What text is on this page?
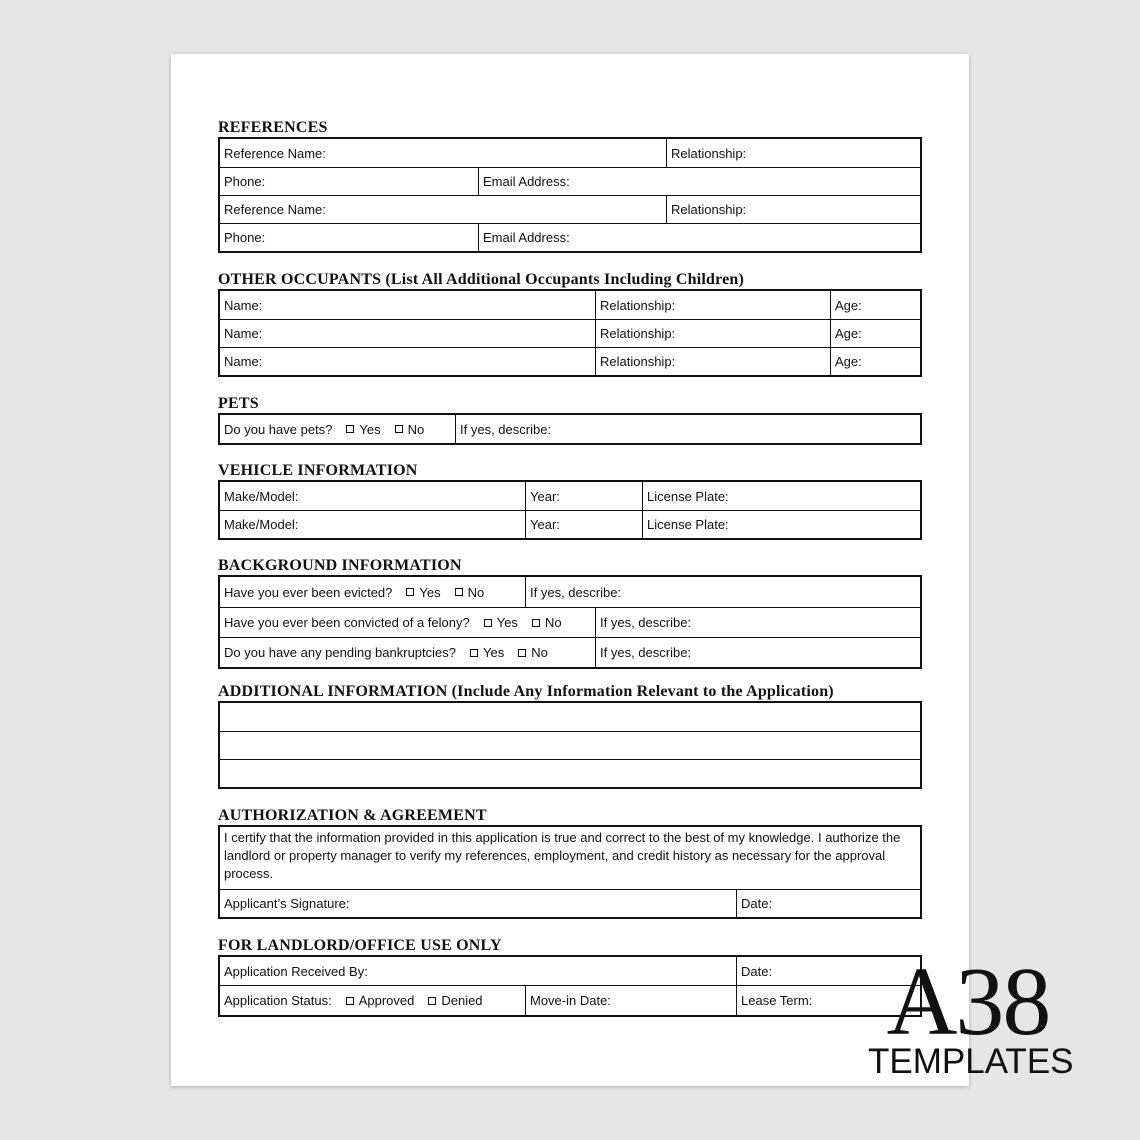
REFERENCES
Reference Name:	Relationship:
Phone:	Email Address:
Reference Name:	Relationship:
Phone:	Email Address:
OTHER OCCUPANTS (List All Additional Occupants Including Children)
Name:	Relationship:	Age:
Name:	Relationship:	Age:
Name:	Relationship:	Age:
PETS
Do you have pets? Yes No	If yes, describe:
VEHICLE INFORMATION
Make/Model:	Year:	License Plate:
Make/Model:	Year:	License Plate:
BACKGROUND INFORMATION
Have you ever been evicted? Yes No	If yes, describe:
Have you ever been convicted of a felony? Yes No	If yes, describe:
Do you have any pending bankruptcies? Yes No	If yes, describe:
ADDITIONAL INFORMATION (Include Any Information Relevant to the Application)
AUTHORIZATION & AGREEMENT
I certify that the information provided in this application is true and correct to the best of my knowledge. I authorize the landlord or property manager to verify my references, employment, and credit history as necessary for the approval process.
Applicant’s Signature:	Date:
FOR LANDLORD/OFFICE USE ONLY
Application Received By:	Date:
Application Status: Approved Denied	Move-in Date:	Lease Term: A38
TEMPLATES
